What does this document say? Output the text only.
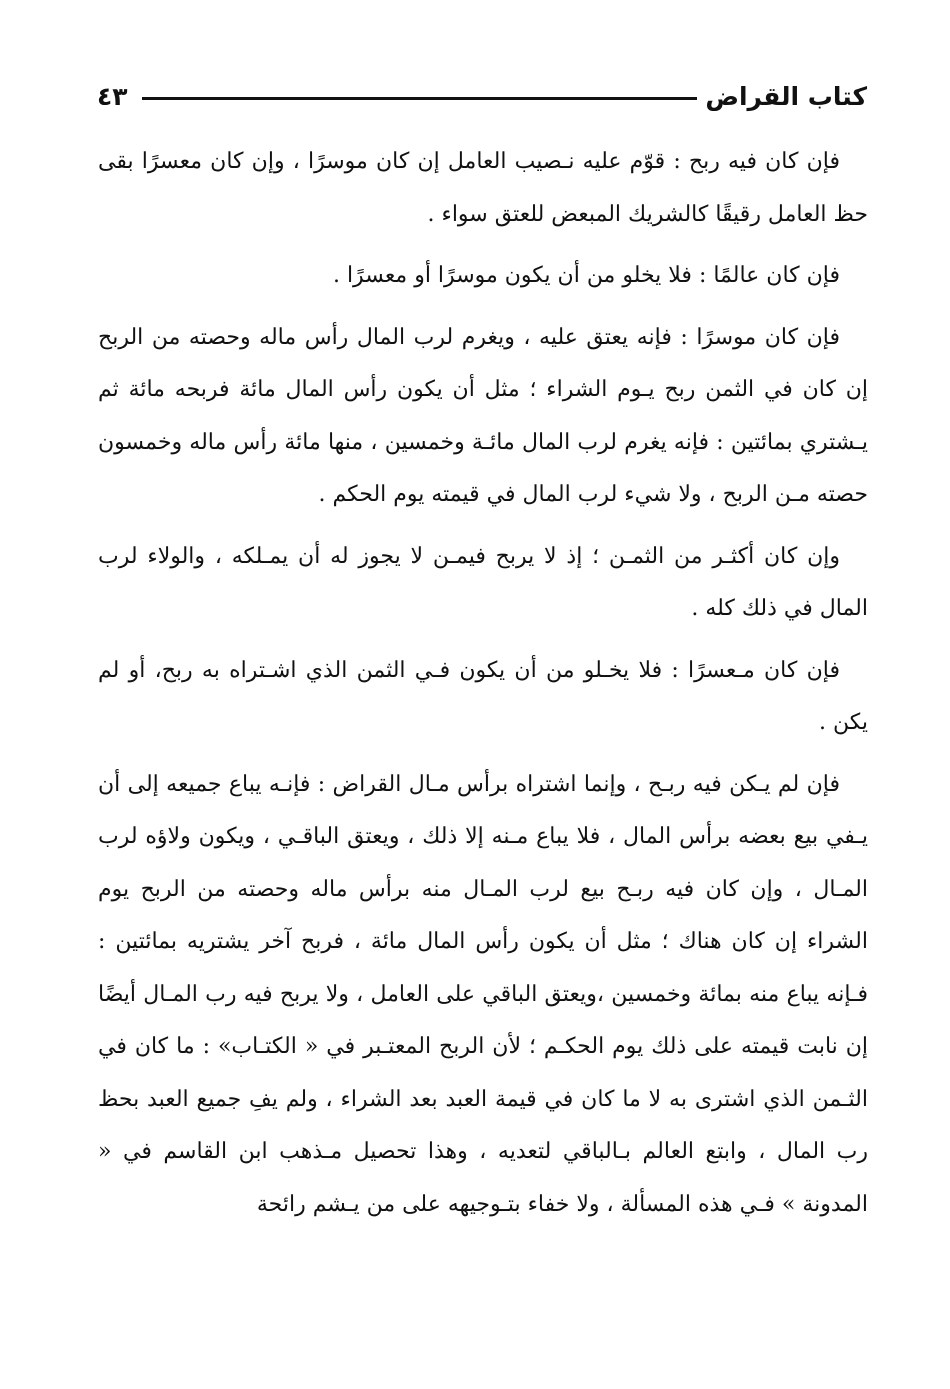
كتاب القراض
٤٣

فإن كان فيه ربح : قوّم عليه نـصيب العامل إن كان موسرًا ، وإن كان معسرًا بقى حظ العامل رقيقًا كالشريك المبعض للعتق سواء .

فإن كان عالمًا : فلا يخلو من أن يكون موسرًا أو معسرًا .

فإن كان موسرًا : فإنه يعتق عليه ، ويغرم لرب المال رأس ماله وحصته من الربح إن كان في الثمن ربح يـوم الشراء ؛ مثل أن يكون رأس المال مائة فربحه مائة ثم يـشتري بمائتين : فإنه يغرم لرب المال مائـة وخمسين ، منها مائة رأس ماله وخمسون حصته مـن الربح ، ولا شيء لرب المال في قيمته يوم الحكم .

وإن كان أكثـر من الثمـن ؛ إذ لا يربح فيمـن لا يجوز له أن يمـلكه ، والولاء لرب المال في ذلك كله .

فإن كان مـعسرًا : فلا يخـلو من أن يكون فـي الثمن الذي اشـتراه به ربح، أو لم يكن .

فإن لم يـكن فيه ربـح ، وإنما اشتراه برأس مـال القراض : فإنـه يباع جميعه إلى أن يـفي بيع بعضه برأس المال ، فلا يباع مـنه إلا ذلك ، ويعتق الباقـي ، ويكون ولاؤه لرب المـال ، وإن كان فيه ربـح بيع لرب المـال منه برأس ماله وحصته من الربح يوم الشراء إن كان هناك ؛ مثل أن يكون رأس المال مائة ، فربح آخر يشتريه بمائتين : فـإنه يباع منه بمائة وخمسين ،ويعتق الباقي على العامل ، ولا يربح فيه رب المـال أيضًا إن نابت قيمته على ذلك يوم الحكـم ؛ لأن الربح المعتـبر في « الكتـاب» : ما كان في الثـمن الذي اشترى به لا ما كان في قيمة العبد بعد الشراء ، ولم يفِ جميع العبد بحظ رب المال ، وابتع العالم بـالباقي لتعديه ، وهذا تحصيل مـذهب ابن القاسم في « المدونة » فـي هذه المسألة ، ولا خفاء بتـوجيهه على من يـشم رائحة
